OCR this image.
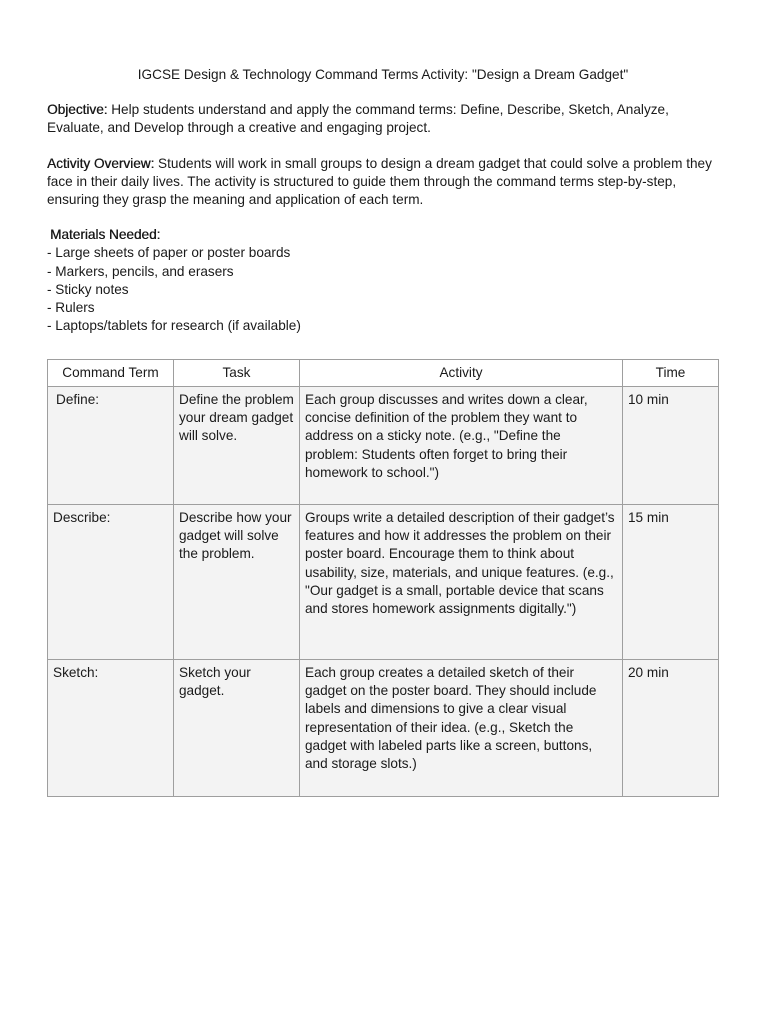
IGCSE Design & Technology Command Terms Activity: "Design a Dream Gadget"

Objective: Help students understand and apply the command terms: Define, Describe, Sketch, Analyze, Evaluate, and Develop through a creative and engaging project.

Activity Overview: Students will work in small groups to design a dream gadget that could solve a problem they face in their daily lives. The activity is structured to guide them through the command terms step-by-step, ensuring they grasp the meaning and application of each term.

Materials Needed:
- Large sheets of paper or poster boards
- Markers, pencils, and erasers
- Sticky notes
- Rulers
- Laptops/tablets for research (if available)
Command Term	Task	Activity	Time
Define:	Define the problem your dream gadget will solve.	Each group discusses and writes down a clear, concise definition of the problem they want to address on a sticky note. (e.g., "Define the problem: Students often forget to bring their homework to school.")	10 min
Describe:	Describe how your gadget will solve the problem.	Groups write a detailed description of their gadget’s features and how it addresses the problem on their poster board. Encourage them to think about usability, size, materials, and unique features. (e.g., "Our gadget is a small, portable device that scans and stores homework assignments digitally.")	15 min
Sketch:	Sketch your gadget.	Each group creates a detailed sketch of their gadget on the poster board. They should include labels and dimensions to give a clear visual representation of their idea. (e.g., Sketch the gadget with labeled parts like a screen, buttons, and storage slots.)	20 min
